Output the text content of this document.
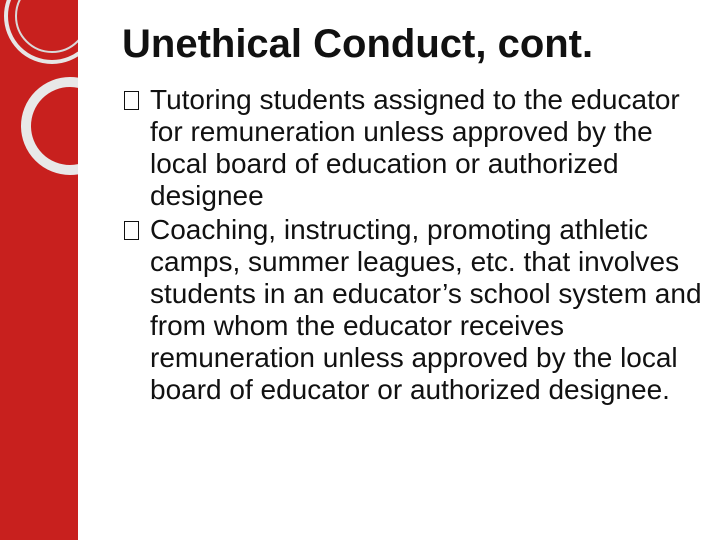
Unethical Conduct, cont.

Tutoring students assigned to the educator for remuneration unless approved by the local board of education or authorized designee

Coaching, instructing, promoting athletic camps, summer leagues, etc. that involves students in an educator’s school system and from whom the educator receives remuneration unless approved by the local board of educator or authorized designee.
